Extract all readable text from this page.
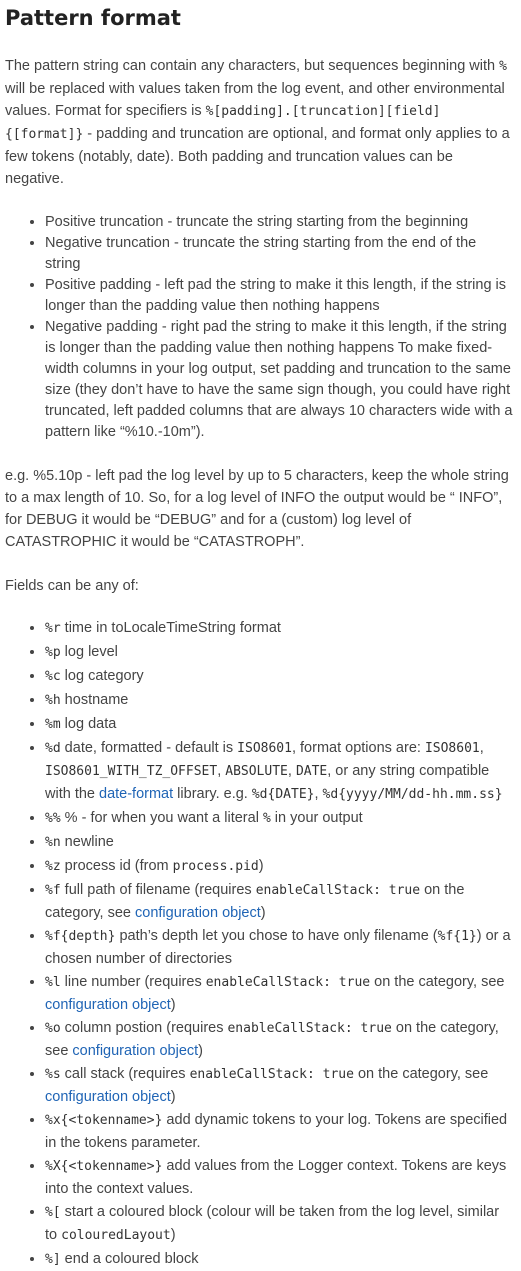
Pattern format

The pattern string can contain any characters, but sequences beginning with % will be replaced with values taken from the log event, and other environmental values. Format for specifiers is %[padding].[truncation][field]{[format]} - padding and truncation are optional, and format only applies to a few tokens (notably, date). Both padding and truncation values can be negative.

• Positive truncation - truncate the string starting from the beginning
• Negative truncation - truncate the string starting from the end of the string
• Positive padding - left pad the string to make it this length, if the string is longer than the padding value then nothing happens
• Negative padding - right pad the string to make it this length, if the string is longer than the padding value then nothing happens To make fixed-width columns in your log output, set padding and truncation to the same size (they don’t have to have the same sign though, you could have right truncated, left padded columns that are always 10 characters wide with a pattern like “%10.-10m”).

e.g. %5.10p - left pad the log level by up to 5 characters, keep the whole string to a max length of 10. So, for a log level of INFO the output would be “ INFO”, for DEBUG it would be “DEBUG” and for a (custom) log level of CATASTROPHIC it would be “CATASTROPH”.

Fields can be any of:

• %r time in toLocaleTimeString format
• %p log level
• %c log category
• %h hostname
• %m log data
• %d date, formatted - default is ISO8601, format options are: ISO8601, ISO8601_WITH_TZ_OFFSET, ABSOLUTE, DATE, or any string compatible with the date-format library. e.g. %d{DATE}, %d{yyyy/MM/dd-hh.mm.ss}
• %% % - for when you want a literal % in your output
• %n newline
• %z process id (from process.pid)
• %f full path of filename (requires enableCallStack: true on the category, see configuration object)
• %f{depth} path’s depth let you chose to have only filename (%f{1}) or a chosen number of directories
• %l line number (requires enableCallStack: true on the category, see configuration object)
• %o column postion (requires enableCallStack: true on the category, see configuration object)
• %s call stack (requires enableCallStack: true on the category, see configuration object)
• %x{<tokenname>} add dynamic tokens to your log. Tokens are specified in the tokens parameter.
• %X{<tokenname>} add values from the Logger context. Tokens are keys into the context values.
• %[ start a coloured block (colour will be taken from the log level, similar to colouredLayout)
• %] end a coloured block
